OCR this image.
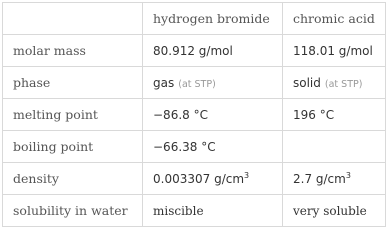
	hydrogen bromide	chromic acid
molar mass	80.912 g/mol	118.01 g/mol
phase	gas (at STP)	solid (at STP)
melting point	−86.8 °C	196 °C
boiling point	−66.38 °C	
density	0.003307 $g/cm^3$	2.7 $g/cm^3$
solubility in water	miscible	very soluble
